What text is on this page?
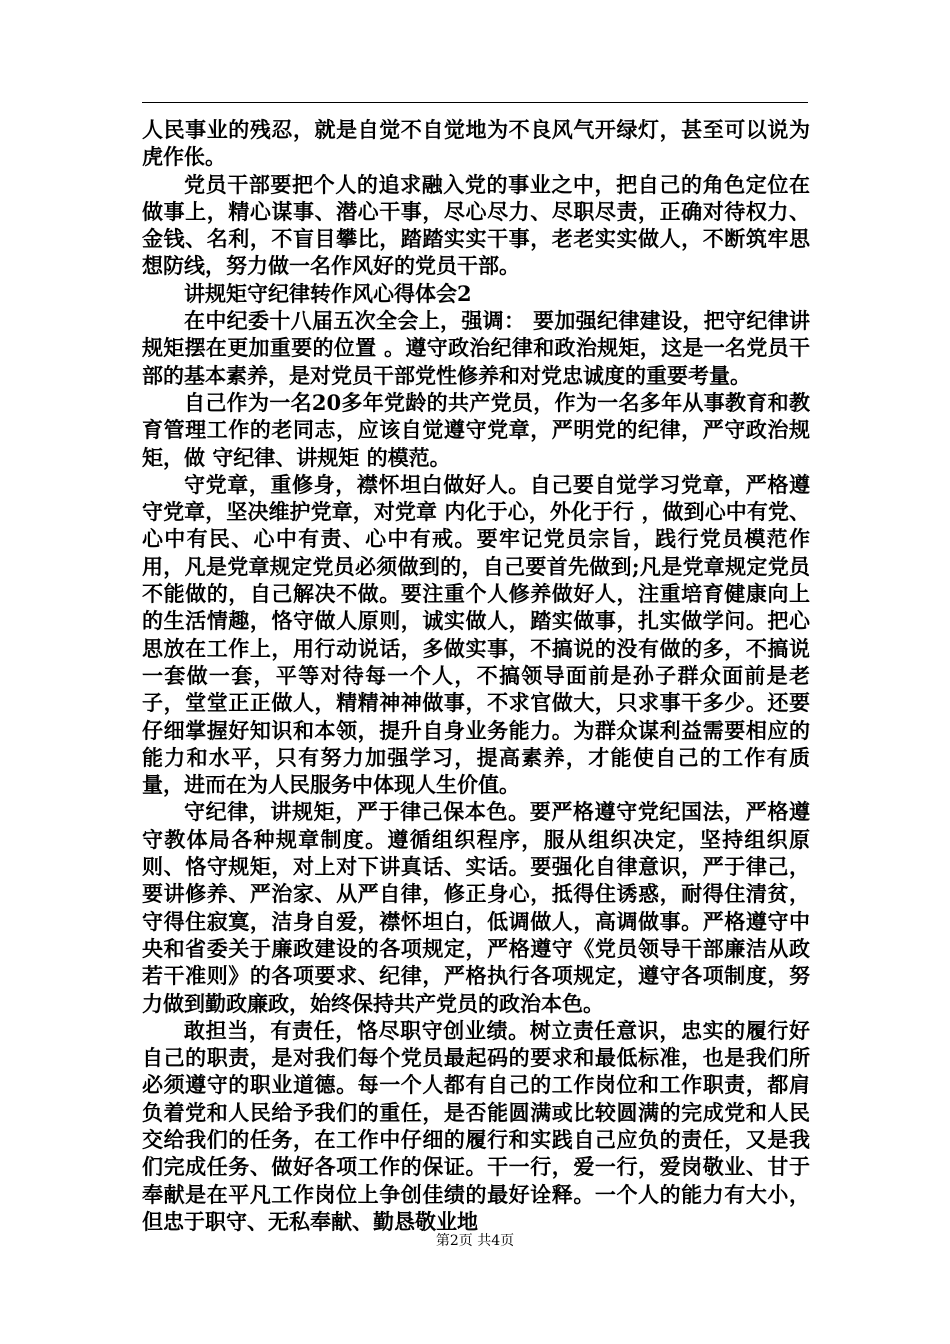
人民事业的残忍，就是自觉不自觉地为不良风气开绿灯，甚至可以说为虎作伥。

党员干部要把个人的追求融入党的事业之中，把自己的角色定位在做事上，精心谋事、潜心干事，尽心尽力、尽职尽责，正确对待权力、金钱、名利，不盲目攀比，踏踏实实干事，老老实实做人，不断筑牢思想防线，努力做一名作风好的党员干部。

讲规矩守纪律转作风心得体会2

在中纪委十八届五次全会上，强调： 要加强纪律建设，把守纪律讲规矩摆在更加重要的位置 。遵守政治纪律和政治规矩，这是一名党员干部的基本素养，是对党员干部党性修养和对党忠诚度的重要考量。

自己作为一名20多年党龄的共产党员，作为一名多年从事教育和教育管理工作的老同志，应该自觉遵守党章，严明党的纪律，严守政治规矩，做 守纪律、讲规矩 的模范。

守党章，重修身，襟怀坦白做好人。自己要自觉学习党章，严格遵守党章，坚决维护党章，对党章 内化于心，外化于行 ，做到心中有党、心中有民、心中有责、心中有戒。要牢记党员宗旨，践行党员模范作用，凡是党章规定党员必须做到的，自己要首先做到;凡是党章规定党员不能做的，自己解决不做。要注重个人修养做好人，注重培育健康向上的生活情趣，恪守做人原则，诚实做人，踏实做事，扎实做学问。把心思放在工作上，用行动说话，多做实事，不搞说的没有做的多，不搞说一套做一套，平等对待每一个人，不搞领导面前是孙子群众面前是老子，堂堂正正做人，精精神神做事，不求官做大，只求事干多少。还要仔细掌握好知识和本领，提升自身业务能力。为群众谋利益需要相应的能力和水平，只有努力加强学习，提高素养，才能使自己的工作有质量，进而在为人民服务中体现人生价值。

守纪律，讲规矩，严于律己保本色。要严格遵守党纪国法，严格遵守教体局各种规章制度。遵循组织程序，服从组织决定，坚持组织原则、恪守规矩，对上对下讲真话、实话。要强化自律意识，严于律己，要讲修养、严治家、从严自律，修正身心，抵得住诱惑，耐得住清贫，守得住寂寞，洁身自爱，襟怀坦白，低调做人，高调做事。严格遵守中央和省委关于廉政建设的各项规定，严格遵守《党员领导干部廉洁从政若干准则》的各项要求、纪律，严格执行各项规定，遵守各项制度，努力做到勤政廉政，始终保持共产党员的政治本色。

敢担当，有责任，恪尽职守创业绩。树立责任意识，忠实的履行好自己的职责，是对我们每个党员最起码的要求和最低标准，也是我们所必须遵守的职业道德。每一个人都有自己的工作岗位和工作职责，都肩负着党和人民给予我们的重任，是否能圆满或比较圆满的完成党和人民交给我们的任务，在工作中仔细的履行和实践自己应负的责任，又是我们完成任务、做好各项工作的保证。干一行，爱一行，爱岗敬业、甘于奉献是在平凡工作岗位上争创佳绩的最好诠释。一个人的能力有大小，但忠于职守、无私奉献、勤恳敬业地

第2页 共4页
